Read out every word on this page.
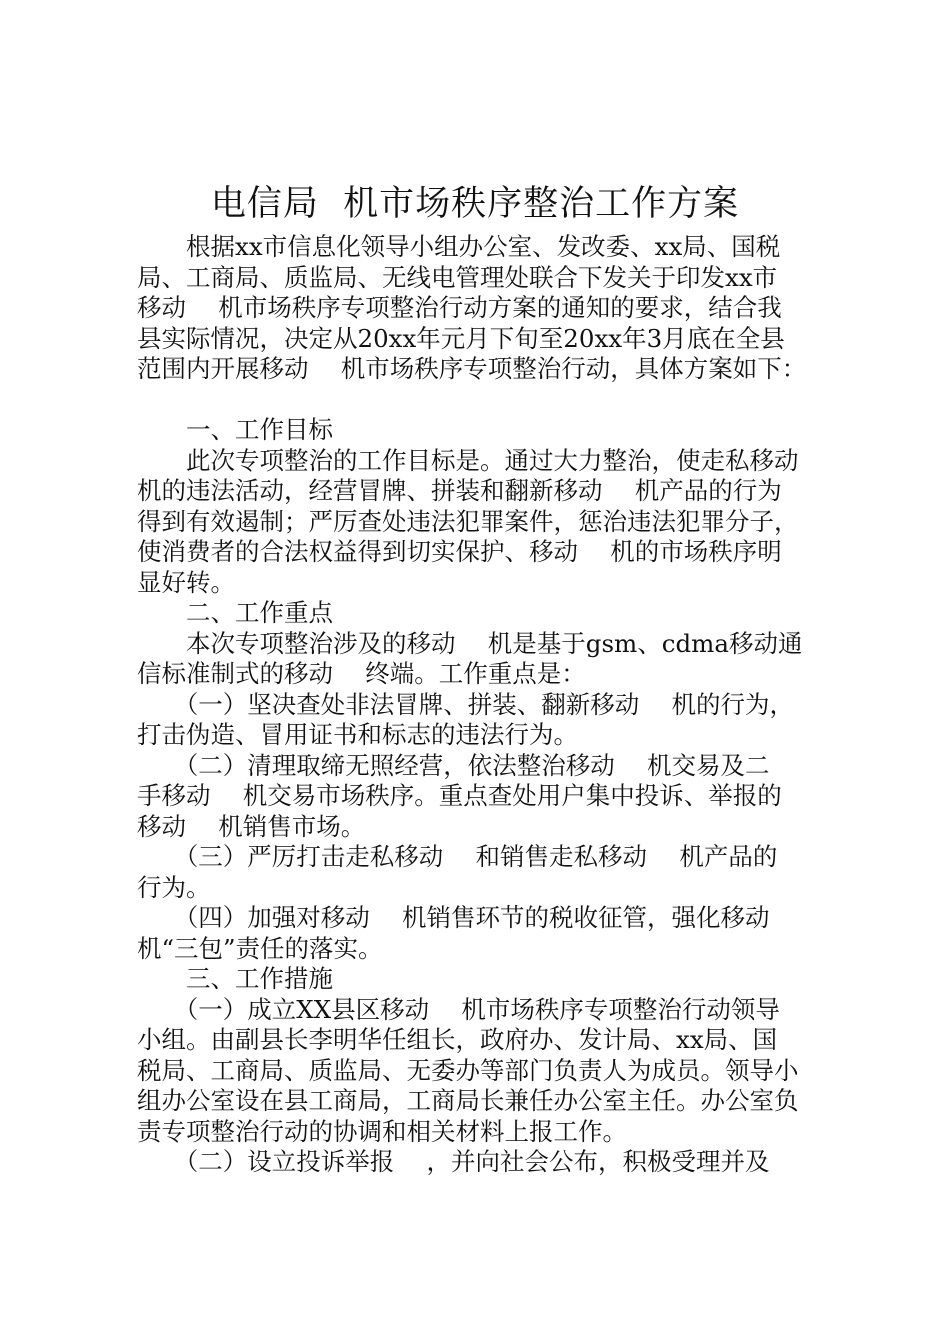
电信局  机市场秩序整治工作方案
　　根据xx市信息化领导小组办公室、发改委、xx局、国税
局、工商局、质监局、无线电管理处联合下发关于印发xx市
移动　 机市场秩序专项整治行动方案的通知的要求，结合我
县实际情况，决定从20xx年元月下旬至20xx年3月底在全县
范围内开展移动　 机市场秩序专项整治行动，具体方案如下：
　　一、工作目标
　　此次专项整治的工作目标是。通过大力整治，使走私移动
机的违法活动，经营冒牌、拼装和翻新移动　 机产品的行为
得到有效遏制；严厉查处违法犯罪案件，惩治违法犯罪分子，
使消费者的合法权益得到切实保护、移动　 机的市场秩序明
显好转。
　　二、工作重点
　　本次专项整治涉及的移动　 机是基于gsm、cdma移动通
信标准制式的移动　 终端。工作重点是：
　　（一）坚决查处非法冒牌、拼装、翻新移动　 机的行为，
打击伪造、冒用证书和标志的违法行为。
　　（二）清理取缔无照经营，依法整治移动　 机交易及二
手移动　 机交易市场秩序。重点查处用户集中投诉、举报的
移动　 机销售市场。
　　（三）严厉打击走私移动　 和销售走私移动　 机产品的
行为。
　　（四）加强对移动　 机销售环节的税收征管，强化移动
机“三包”责任的落实。
　　三、工作措施
　　（一）成立XX县区移动　 机市场秩序专项整治行动领导
小组。由副县长李明华任组长，政府办、发计局、xx局、国
税局、工商局、质监局、无委办等部门负责人为成员。领导小
组办公室设在县工商局，工商局长兼任办公室主任。办公室负
责专项整治行动的协调和相关材料上报工作。
　　（二）设立投诉举报　 ，并向社会公布，积极受理并及
